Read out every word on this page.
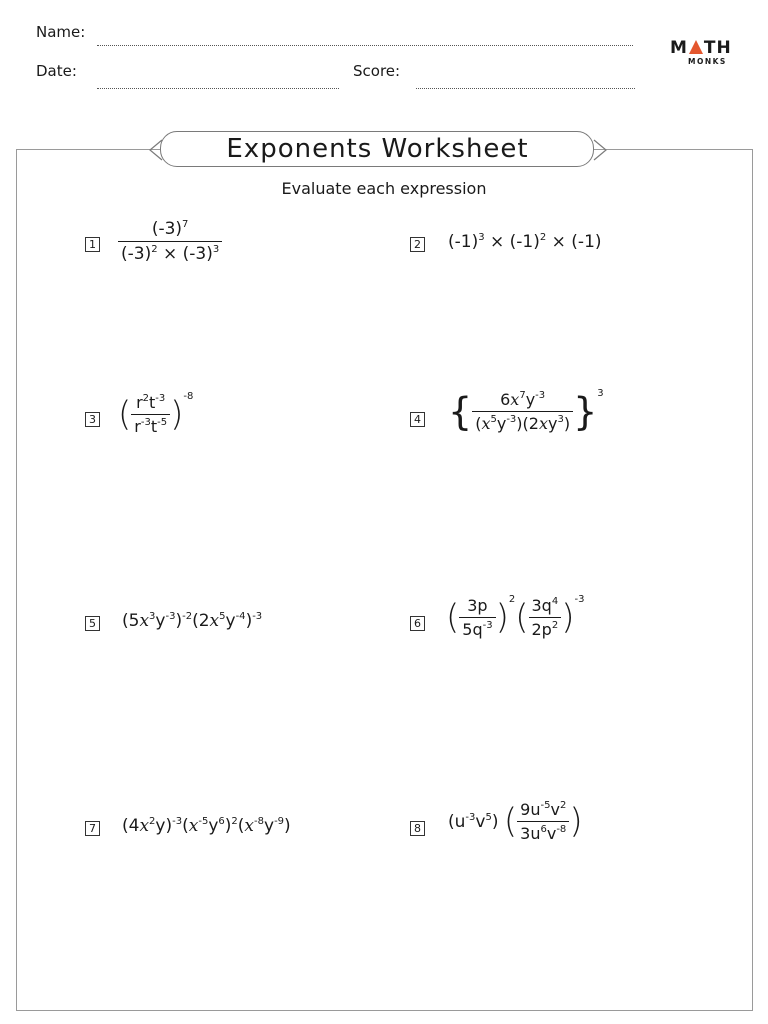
Name:
Date:	Score:
M TH
MONKS
Exponents Worksheet
Evaluate each expression
$1 \frac{(-3)^7}{(-3)^2 \times (-3)^3}$	2 $(-1)^3 \times (-1)^2 \times (-1)$
3 ( $\frac{r^2t^{-3}}{r^{-3}t^{-5}} )^{-8}$
4 { $\frac{6x^7y^{-3}}{(x^5y^{-3})(2xy^3)} \}^3$
5 $(5x^3y^{-3})^{-2}(2x^5y^{-4})^{-3}$
6 ( $\frac{3p}{5q^{-3}} )^2( \frac{3q^4}{2p^2} )^{-3}$
7 $(4x^2y)^{-3}(x^{-5}y^6)^2(x^{-8}y^{-9})$	8 $(u^{-3}v^5)$ ( $\frac{9u^{-5}v^2}{3u^6v^{-8}}$ )
